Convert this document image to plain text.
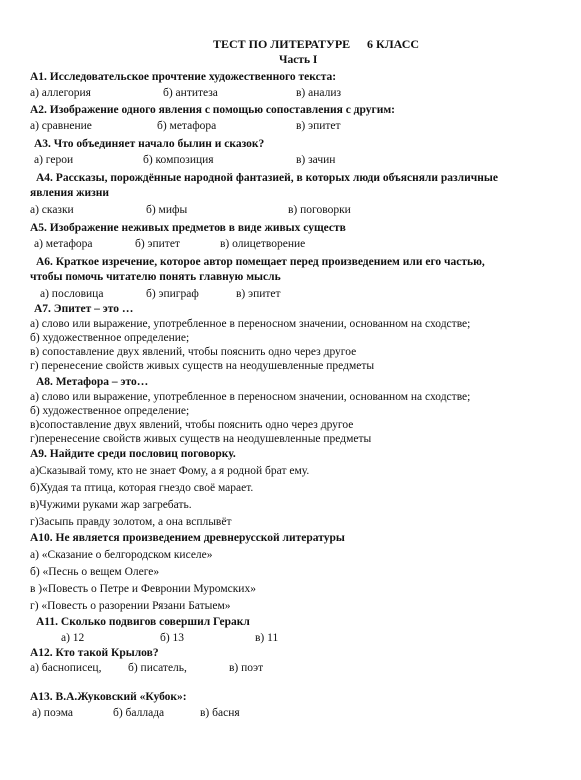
ТЕСТ ПО ЛИТЕРАТУРЕ 6 КЛАСС
Часть I
А1. Исследовательское прочтение художественного текста:
а) аллегория	б) антитеза	в) анализ
А2. Изображение одного явления с помощью сопоставления с другим:
а) сравнение	б) метафора	в) эпитет
А3. Что объединяет начало былин и сказок?
а) герои	б) композиция	в) зачин
А4. Рассказы, порождённые народной фантазией, в которых люди объясняли различные
явления жизни
а) сказки	б) мифы	в) поговорки
А5. Изображение неживых предметов в виде живых существ
а) метафора	б) эпитет	в) олицетворение
А6. Краткое изречение, которое автор помещает перед произведением или его частью,
чтобы помочь читателю понять главную мысль
а) пословица	б) эпиграф	в) эпитет
А7. Эпитет – это …
а) слово или выражение, употребленное в переносном значении, основанном на сходстве;
б) художественное определение;
в) сопоставление двух явлений, чтобы пояснить одно через другое
г) перенесение свойств живых существ на неодушевленные предметы
А8. Метафора – это…
а) слово или выражение, употребленное в переносном значении, основанном на сходстве;
б) художественное определение;
в)сопоставление двух явлений, чтобы пояснить одно через другое
г)перенесение свойств живых существ на неодушевленные предметы
А9. Найдите среди пословиц поговорку.
а)Сказывай тому, кто не знает Фому, а я родной брат ему.
б)Худая та птица, которая гнездо своё марает.
в)Чужими руками жар загребать.
г)Засыпь правду золотом, а она всплывёт
А10. Не является произведением древнерусской литературы
а) «Сказание о белгородском киселе»
б) «Песнь о вещем Олеге»
в )«Повесть о Петре и Февронии Муромских»
г) «Повесть о разорении Рязани Батыем»
А11. Сколько подвигов совершил Геракл
а) 12	б) 13	в) 11
А12. Кто такой Крылов?
а) баснописец, б) писатель,	в) поэт
А13. В.А.Жуковский «Кубок»:
а) поэма	б) баллада	в) басня
